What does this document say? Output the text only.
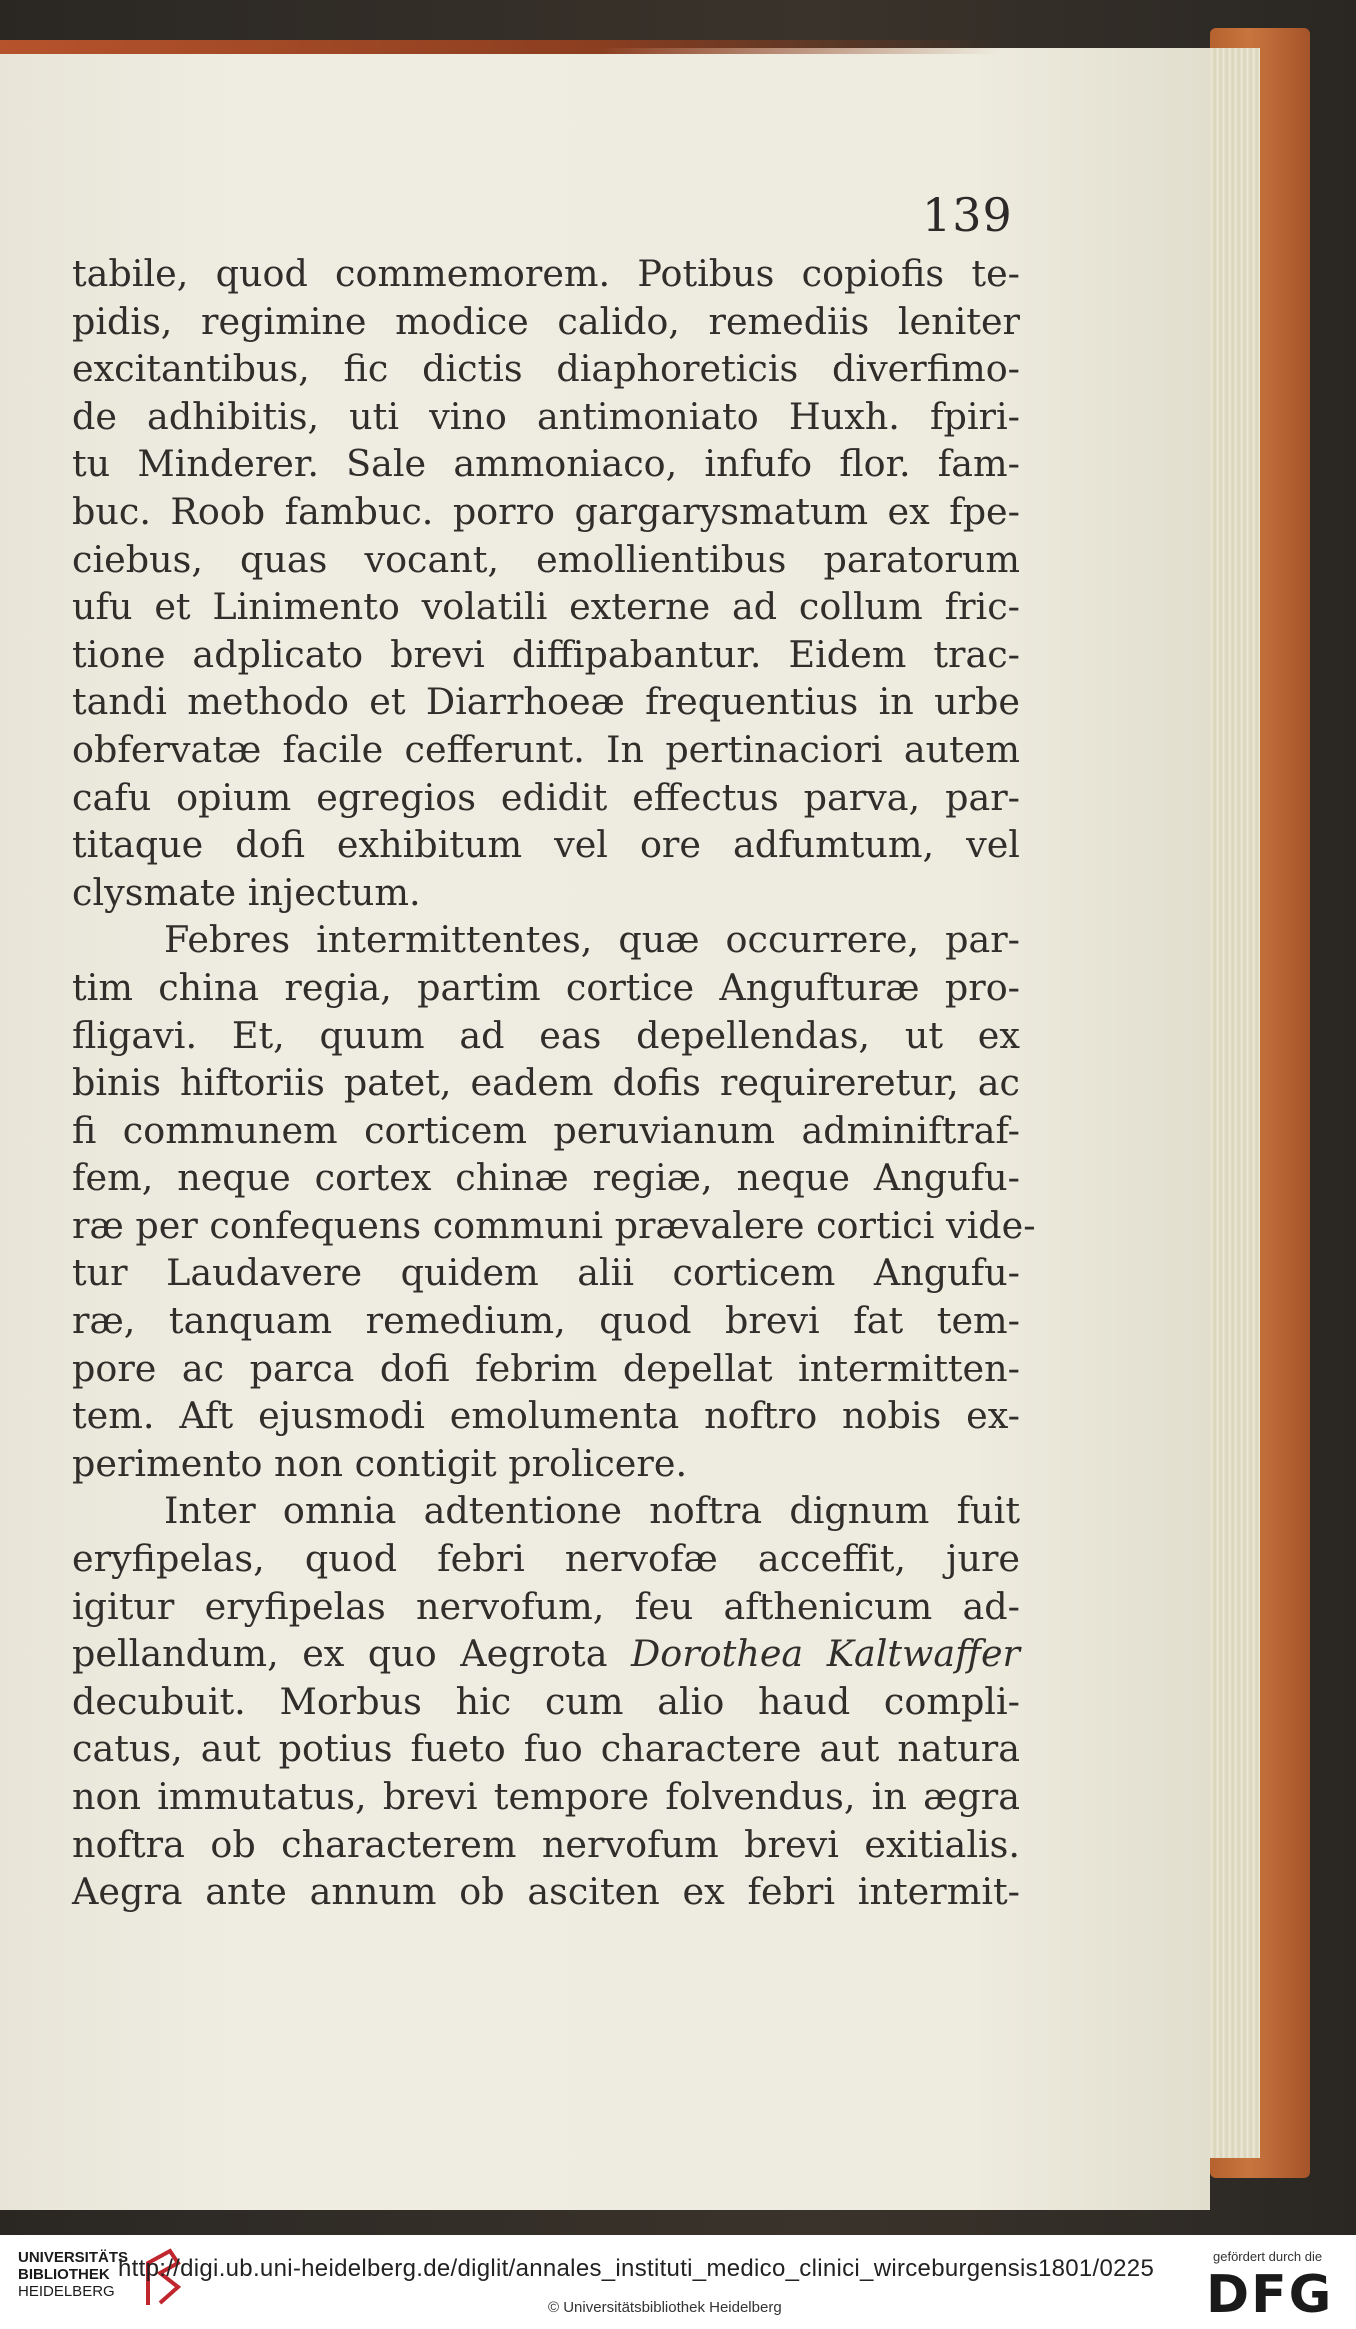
139
tabile, quod commemorem. Potibus copiofis te-
pidis, regimine modice calido, remediis leniter
excitantibus, fic dictis diaphoreticis diverfimo-
de adhibitis, uti vino antimoniato Huxh. fpiri-
tu Minderer. Sale ammoniaco, infufo flor. fam-
buc. Roob fambuc. porro gargarysmatum ex fpe-
ciebus, quas vocant, emollientibus paratorum
ufu et Linimento volatili externe ad collum fric-
tione adplicato brevi diffipabantur. Eidem trac-
tandi methodo et Diarrhoeæ frequentius in urbe
obfervatæ facile cefferunt. In pertinaciori autem
cafu opium egregios edidit effectus parva, par-
titaque dofi exhibitum vel ore adfumtum, vel
clysmate injectum.
Febres intermittentes, quæ occurrere, par-
tim china regia, partim cortice Angufturæ pro-
fligavi. Et, quum ad eas depellendas, ut ex
binis hiftoriis patet, eadem dofis requireretur, ac
fi communem corticem peruvianum adminiftraf-
fem, neque cortex chinæ regiæ, neque Angufu-
ræ per confequens communi prævalere cortici vide-
tur Laudavere quidem alii corticem Angufu-
ræ, tanquam remedium, quod brevi fat tem-
pore ac parca dofi febrim depellat intermitten-
tem. Aft ejusmodi emolumenta noftro nobis ex-
perimento non contigit prolicere.
Inter omnia adtentione noftra dignum fuit
eryfipelas, quod febri nervofæ acceffit, jure
igitur eryfipelas nervofum, feu afthenicum ad-
pellandum, ex quo Aegrota Dorothea Kaltwaffer
decubuit. Morbus hic cum alio haud compli-
catus, aut potius fueto fuo charactere aut natura
non immutatus, brevi tempore folvendus, in ægra
noftra ob characterem nervofum brevi exitialis.
Aegra ante annum ob asciten ex febri intermit-
UNIVERSITÄTS
BIBLIOTHEK
HEIDELBERG
http://digi.ub.uni-heidelberg.de/diglit/annales_instituti_medico_clinici_wirceburgensis1801/0225
© Universitätsbibliothek Heidelberg
gefördert durch die
DFG
